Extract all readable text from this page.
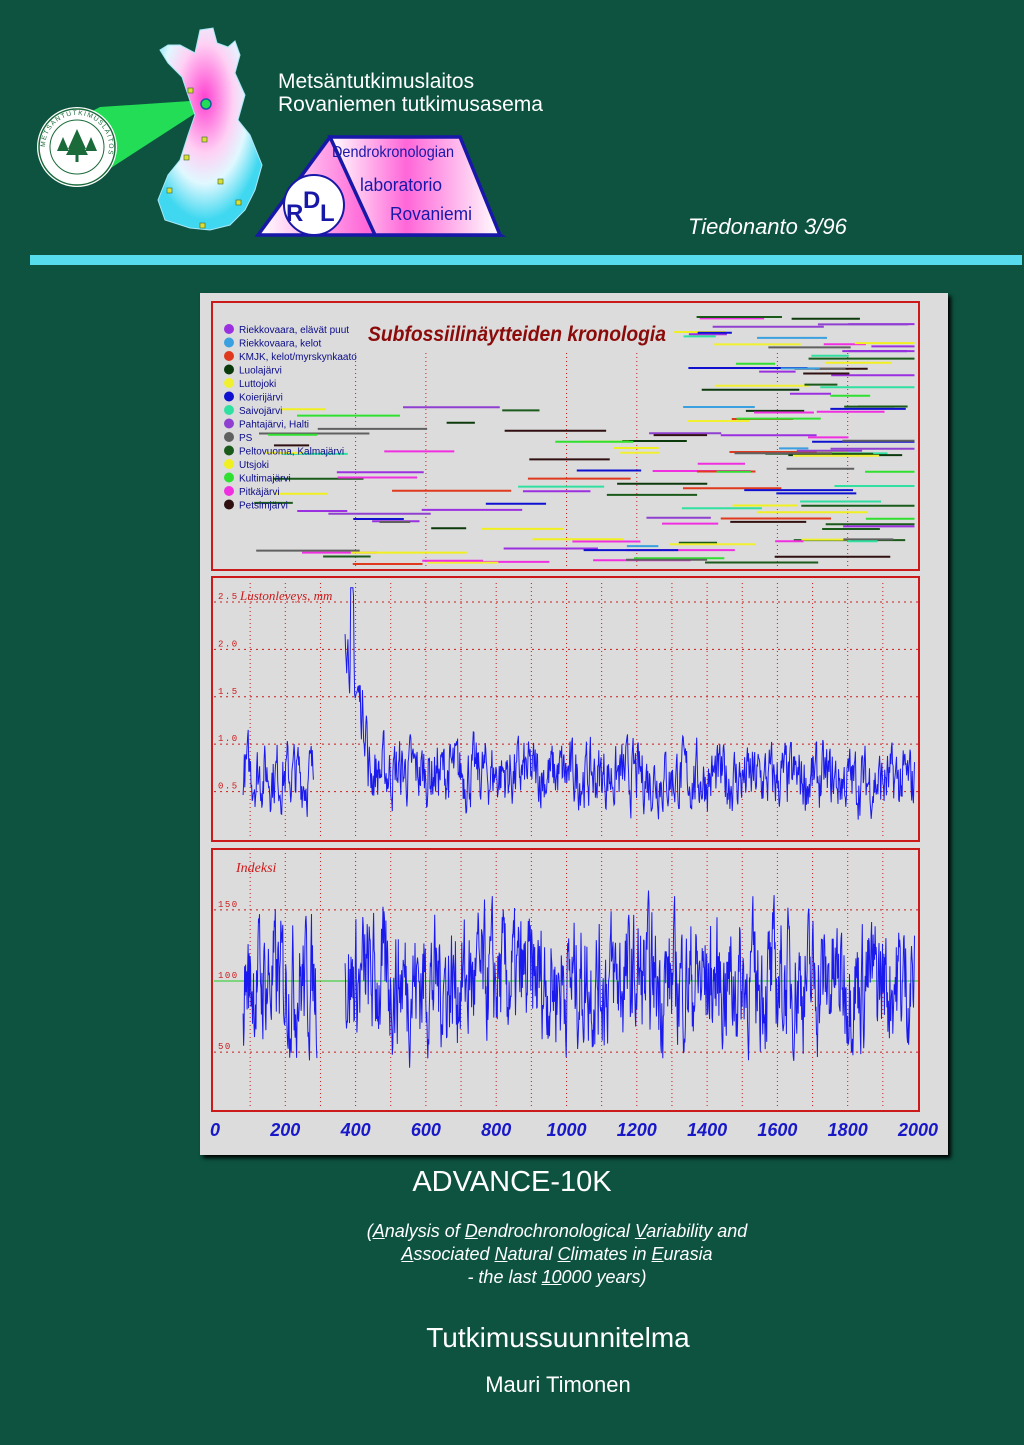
METSÄNTUTKIMUSLAITOS	Dendrokronologian
laboratorio
Rovaniemi
R D L
Metsäntutkimuslaitos
Rovaniemen tutkimusasema
Tiedonanto 3/96
Subfossiilinäytteiden kronologia
Lustonleveys, mm
Indeksi
Riekkovaara, elävät puut
Riekkovaara, kelot
KMJK, kelot/myrskynkaato
Luolajärvi
Luttojoki
Koierijärvi
Saivojärvi
Pahtajärvi, Halti
PS
Peltovuoma, Kalmajärvi
Utsjoki
Kultimajärvi
Pitkäjärvi
Petsimjärvi
0.5
1.0
1.5
2.0
2.5
50
100
150
0	200 400 600 800 1000 1200 1400 1600 1800 2000
ADVANCE-10K
(Analysis of Dendrochronological Variability and
Associated Natural Climates in Eurasia
- the last 10000 years)
Tutkimussuunnitelma
Mauri Timonen
